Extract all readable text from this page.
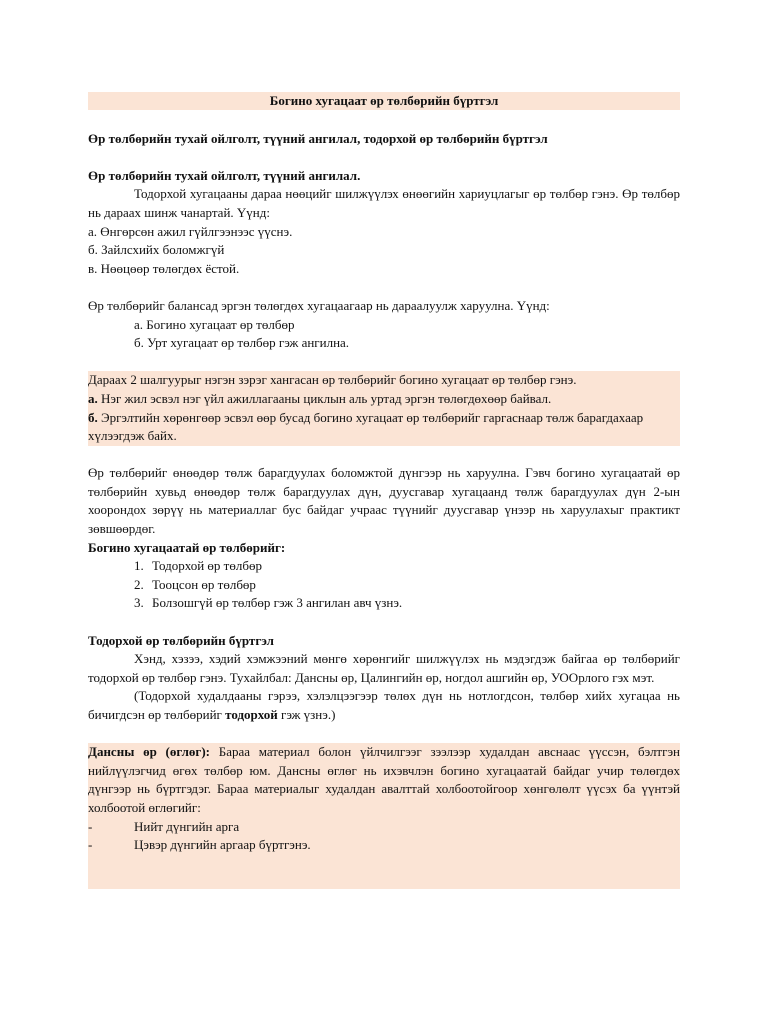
Богино хугацаат өр төлбөрийн бүртгэл

Өр төлбөрийн тухай ойлголт, түүний ангилал, тодорхой өр төлбөрийн бүртгэл

Өр төлбөрийн тухай ойлголт, түүний ангилал.

Тодорхой хугацааны дараа нөөцийг шилжүүлэх өнөөгийн хариуцлагыг өр төлбөр гэнэ. Өр төлбөр нь дараах шинж чанартай. Үүнд:

а. Өнгөрсөн ажил гүйлгээнээс үүснэ.

б. Зайлсхийх боломжгүй

в. Нөөцөөр төлөгдөх ёстой.

Өр төлбөрийг балансад эргэн төлөгдөх хугацаагаар нь дараалуулж харуулна. Үүнд:

а. Богино хугацаат өр төлбөр

б. Урт хугацаат өр төлбөр гэж ангилна.

Дараах 2 шалгуурыг нэгэн зэрэг хангасан өр төлбөрийг богино хугацаат өр төлбөр гэнэ.

а. Нэг жил эсвэл нэг үйл ажиллагааны циклын аль уртад эргэн төлөгдөхөөр байвал.

б. Эргэлтийн хөрөнгөөр эсвэл өөр бусад богино хугацаат өр төлбөрийг гаргаснаар төлж барагдахаар хүлээгдэж байх.

Өр төлбөрийг өнөөдөр төлж барагдуулах боломжтой дүнгээр нь харуулна. Гэвч богино хугацаатай өр төлбөрийн хувьд өнөөдөр төлж барагдуулах дүн, дуусгавар хугацаанд төлж барагдуулах дүн 2-ын хоорондох зөрүү нь материаллаг бус байдаг учраас түүнийг дуусгавар үнээр нь харуулахыг практикт зөвшөөрдөг.

Богино хугацаатай өр төлбөрийг:

1. Тодорхой өр төлбөр
2. Тооцсон өр төлбөр
3. Болзошгүй өр төлбөр гэж 3 ангилан авч үзнэ.

Тодорхой өр төлбөрийн бүртгэл

Хэнд, хэзээ, хэдий хэмжээний мөнгө хөрөнгийг шилжүүлэх нь мэдэгдэж байгаа өр төлбөрийг тодорхой өр төлбөр гэнэ. Тухайлбал: Дансны өр, Цалингийн өр, ногдол ашгийн өр, УООрлого гэх мэт.

(Тодорхой худалдааны гэрээ, хэлэлцээгээр төлөх дүн нь нотлогдсон, төлбөр хийх хугацаа нь бичигдсэн өр төлбөрийг тодорхой гэж үзнэ.)

Дансны өр (өглөг): Бараа материал болон үйлчилгээг зээлээр худалдан авснаас үүссэн, бэлтгэн нийлүүлэгчид өгөх төлбөр юм. Дансны өглөг нь ихэвчлэн богино хугацаатай байдаг учир төлөгдөх дүнгээр нь бүртгэдэг. Бараа материалыг худалдан авалттай холбоотойгоор хөнгөлөлт үүсэх ба үүнтэй холбоотой өглөгийг:

-	Нийт дүнгийн арга
-	Цэвэр дүнгийн аргаар бүртгэнэ.
